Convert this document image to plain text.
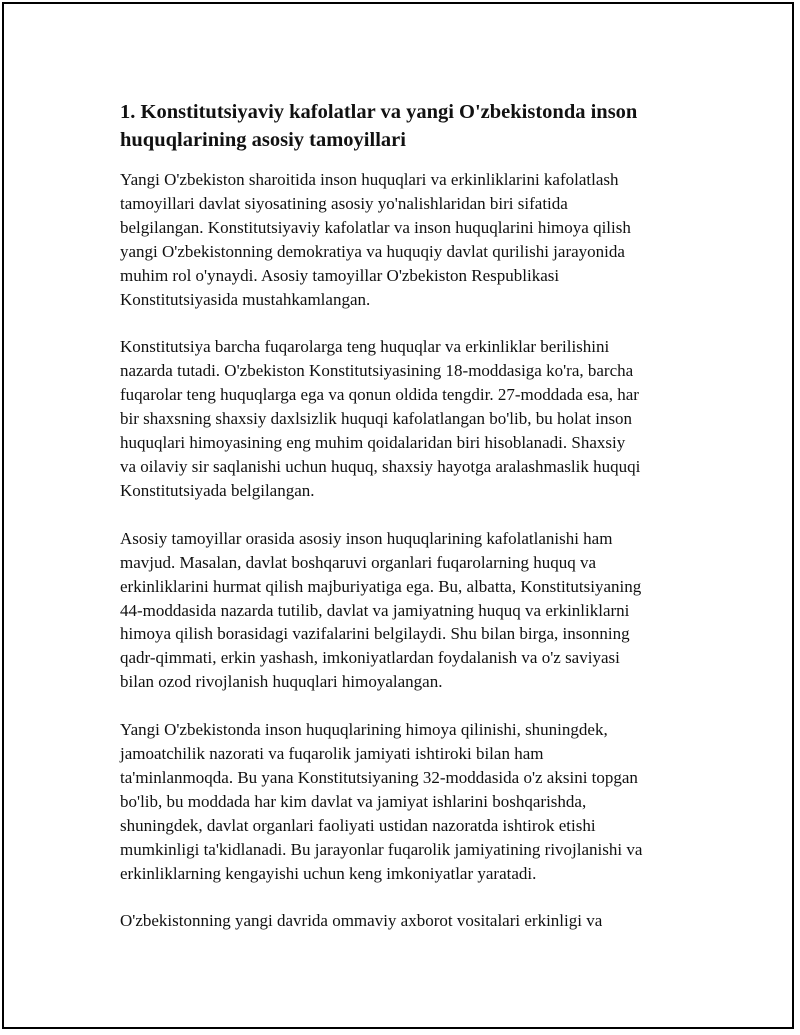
1. Konstitutsiyaviy kafolatlar va yangi O'zbekistonda inson
huquqlarining asosiy tamoyillari
Yangi O'zbekiston sharoitida inson huquqlari va erkinliklarini kafolatlash
tamoyillari davlat siyosatining asosiy yo'nalishlaridan biri sifatida
belgilangan. Konstitutsiyaviy kafolatlar va inson huquqlarini himoya qilish
yangi O'zbekistonning demokratiya va huquqiy davlat qurilishi jarayonida
muhim rol o'ynaydi. Asosiy tamoyillar O'zbekiston Respublikasi
Konstitutsiyasida mustahkamlangan.
Konstitutsiya barcha fuqarolarga teng huquqlar va erkinliklar berilishini
nazarda tutadi. O'zbekiston Konstitutsiyasining 18-moddasiga ko'ra, barcha
fuqarolar teng huquqlarga ega va qonun oldida tengdir. 27-moddada esa, har
bir shaxsning shaxsiy daxlsizlik huquqi kafolatlangan bo'lib, bu holat inson
huquqlari himoyasining eng muhim qoidalaridan biri hisoblanadi. Shaxsiy
va oilaviy sir saqlanishi uchun huquq, shaxsiy hayotga aralashmaslik huquqi
Konstitutsiyada belgilangan.
Asosiy tamoyillar orasida asosiy inson huquqlarining kafolatlanishi ham
mavjud. Masalan, davlat boshqaruvi organlari fuqarolarning huquq va
erkinliklarini hurmat qilish majburiyatiga ega. Bu, albatta, Konstitutsiyaning
44-moddasida nazarda tutilib, davlat va jamiyatning huquq va erkinliklarni
himoya qilish borasidagi vazifalarini belgilaydi. Shu bilan birga, insonning
qadr-qimmati, erkin yashash, imkoniyatlardan foydalanish va o'z saviyasi
bilan ozod rivojlanish huquqlari himoyalangan.
Yangi O'zbekistonda inson huquqlarining himoya qilinishi, shuningdek,
jamoatchilik nazorati va fuqarolik jamiyati ishtiroki bilan ham
ta'minlanmoqda. Bu yana Konstitutsiyaning 32-moddasida o'z aksini topgan
bo'lib, bu moddada har kim davlat va jamiyat ishlarini boshqarishda,
shuningdek, davlat organlari faoliyati ustidan nazoratda ishtirok etishi
mumkinligi ta'kidlanadi. Bu jarayonlar fuqarolik jamiyatining rivojlanishi va
erkinliklarning kengayishi uchun keng imkoniyatlar yaratadi.
O'zbekistonning yangi davrida ommaviy axborot vositalari erkinligi va
